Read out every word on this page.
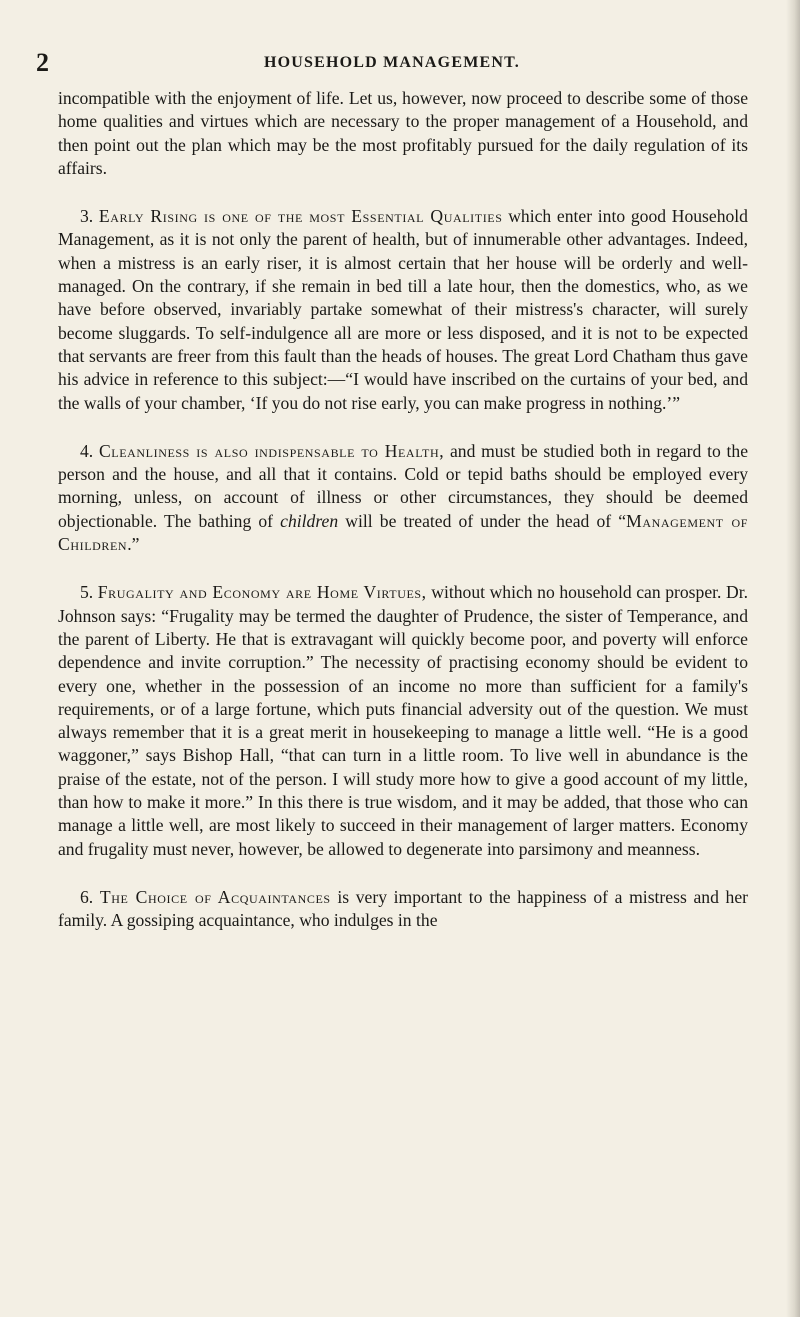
2	HOUSEHOLD MANAGEMENT.

incompatible with the enjoyment of life. Let us, however, now proceed to describe some of those home qualities and virtues which are necessary to the proper management of a Household, and then point out the plan which may be the most profitably pursued for the daily regulation of its affairs.

3. Early Rising is one of the most Essential Qualities which enter into good Household Management, as it is not only the parent of health, but of innumerable other advantages. Indeed, when a mistress is an early riser, it is almost certain that her house will be orderly and well-managed. On the contrary, if she remain in bed till a late hour, then the domestics, who, as we have before observed, invariably partake somewhat of their mistress's character, will surely become sluggards. To self-indulgence all are more or less disposed, and it is not to be expected that servants are freer from this fault than the heads of houses. The great Lord Chatham thus gave his advice in reference to this subject:—“I would have inscribed on the curtains of your bed, and the walls of your chamber, ‘If you do not rise early, you can make progress in nothing.’”

4. Cleanliness is also indispensable to Health, and must be studied both in regard to the person and the house, and all that it contains. Cold or tepid baths should be employed every morning, unless, on account of illness or other circumstances, they should be deemed objectionable. The bathing of children will be treated of under the head of “Management of Children.”

5. Frugality and Economy are Home Virtues, without which no household can prosper. Dr. Johnson says: “Frugality may be termed the daughter of Prudence, the sister of Temperance, and the parent of Liberty. He that is extravagant will quickly become poor, and poverty will enforce dependence and invite corruption.” The necessity of practising economy should be evident to every one, whether in the possession of an income no more than sufficient for a family's requirements, or of a large fortune, which puts financial adversity out of the question. We must always remember that it is a great merit in housekeeping to manage a little well. “He is a good waggoner,” says Bishop Hall, “that can turn in a little room. To live well in abundance is the praise of the estate, not of the person. I will study more how to give a good account of my little, than how to make it more.” In this there is true wisdom, and it may be added, that those who can manage a little well, are most likely to succeed in their management of larger matters. Economy and frugality must never, however, be allowed to degenerate into parsimony and meanness.

6. The Choice of Acquaintances is very important to the happiness of a mistress and her family. A gossiping acquaintance, who indulges in the
